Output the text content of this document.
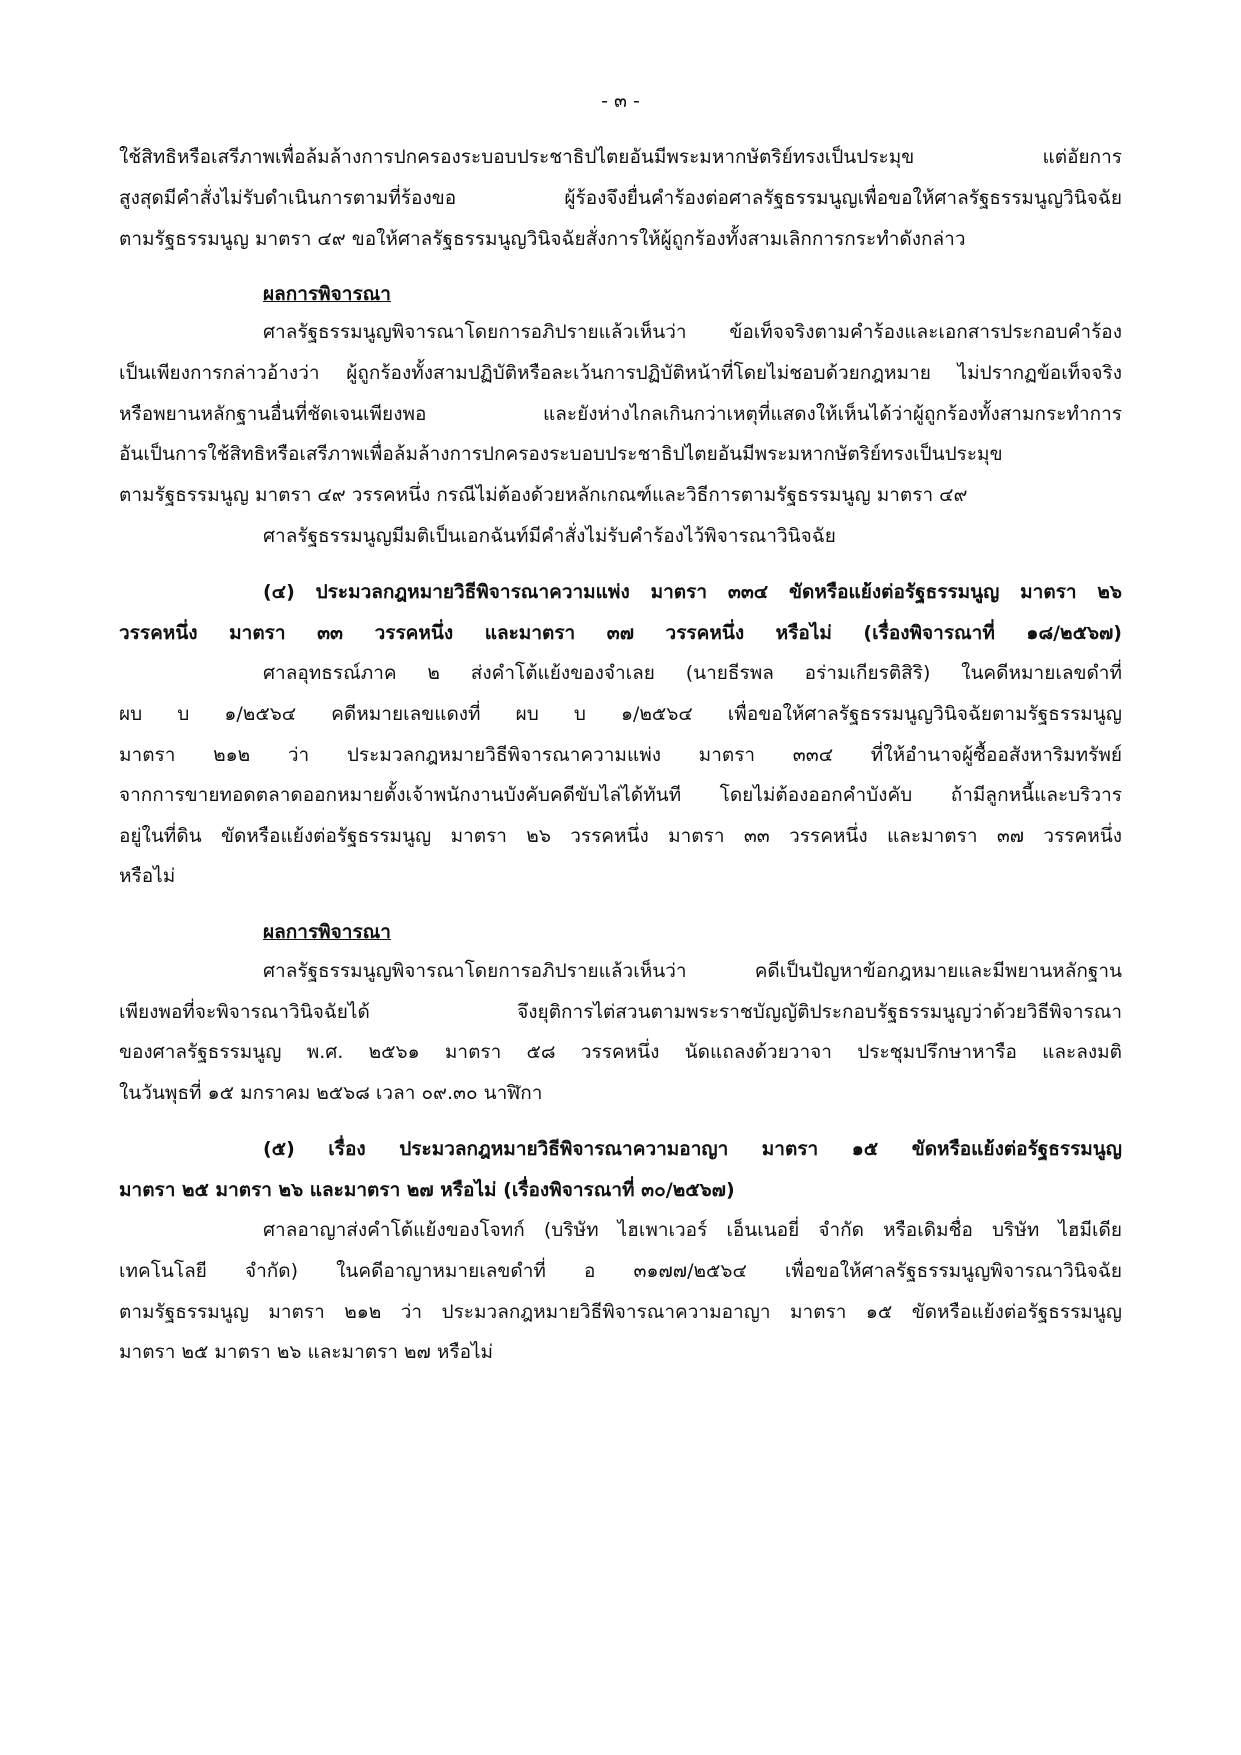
- ๓ -
ใช้สิทธิหรือเสรีภาพเพื่อล้มล้างการปกครองระบอบประชาธิปไตยอันมีพระมหากษัตริย์ทรงเป็นประมุข แต่อัยการ
สูงสุดมีคำสั่งไม่รับดำเนินการตามที่ร้องขอ ผู้ร้องจึงยื่นคำร้องต่อศาลรัฐธรรมนูญเพื่อขอให้ศาลรัฐธรรมนูญวินิจฉัย
ตามรัฐธรรมนูญ มาตรา ๔๙ ขอให้ศาลรัฐธรรมนูญวินิจฉัยสั่งการให้ผู้ถูกร้องทั้งสามเลิกการกระทำดังกล่าว
ผลการพิจารณา
ศาลรัฐธรรมนูญพิจารณาโดยการอภิปรายแล้วเห็นว่า ข้อเท็จจริงตามคำร้องและเอกสารประกอบคำร้อง
เป็นเพียงการกล่าวอ้างว่า ผู้ถูกร้องทั้งสามปฏิบัติหรือละเว้นการปฏิบัติหน้าที่โดยไม่ชอบด้วยกฎหมาย ไม่ปรากฏข้อเท็จจริง
หรือพยานหลักฐานอื่นที่ชัดเจนเพียงพอ และยังห่างไกลเกินกว่าเหตุที่แสดงให้เห็นได้ว่าผู้ถูกร้องทั้งสามกระทำการ
อันเป็นการใช้สิทธิหรือเสรีภาพเพื่อล้มล้างการปกครองระบอบประชาธิปไตยอันมีพระมหากษัตริย์ทรงเป็นประมุข
ตามรัฐธรรมนูญ มาตรา ๔๙ วรรคหนึ่ง กรณีไม่ต้องด้วยหลักเกณฑ์และวิธีการตามรัฐธรรมนูญ มาตรา ๔๙
ศาลรัฐธรรมนูญมีมติเป็นเอกฉันท์มีคำสั่งไม่รับคำร้องไว้พิจารณาวินิจฉัย
(๔) ประมวลกฎหมายวิธีพิจารณาความแพ่ง มาตรา ๓๓๔ ขัดหรือแย้งต่อรัฐธรรมนูญ มาตรา ๒๖
วรรคหนึ่ง มาตรา ๓๓ วรรคหนึ่ง และมาตรา ๓๗ วรรคหนึ่ง หรือไม่ (เรื่องพิจารณาที่ ๑๘/๒๕๖๗)
ศาลอุทธรณ์ภาค ๒ ส่งคำโต้แย้งของจำเลย (นายธีรพล อร่ามเกียรติสิริ) ในคดีหมายเลขดำที่
ผบ บ ๑/๒๕๖๔ คดีหมายเลขแดงที่ ผบ บ ๑/๒๕๖๔ เพื่อขอให้ศาลรัฐธรรมนูญวินิจฉัยตามรัฐธรรมนูญ
มาตรา ๒๑๒ ว่า ประมวลกฎหมายวิธีพิจารณาความแพ่ง มาตรา ๓๓๔ ที่ให้อำนาจผู้ซื้ออสังหาริมทรัพย์
จากการขายทอดตลาดออกหมายตั้งเจ้าพนักงานบังคับคดีขับไล่ได้ทันที โดยไม่ต้องออกคำบังคับ ถ้ามีลูกหนี้และบริวาร
อยู่ในที่ดิน ขัดหรือแย้งต่อรัฐธรรมนูญ มาตรา ๒๖ วรรคหนึ่ง มาตรา ๓๓ วรรคหนึ่ง และมาตรา ๓๗ วรรคหนึ่ง
หรือไม่
ผลการพิจารณา
ศาลรัฐธรรมนูญพิจารณาโดยการอภิปรายแล้วเห็นว่า คดีเป็นปัญหาข้อกฎหมายและมีพยานหลักฐาน
เพียงพอที่จะพิจารณาวินิจฉัยได้ จึงยุติการไต่สวนตามพระราชบัญญัติประกอบรัฐธรรมนูญว่าด้วยวิธีพิจารณา
ของศาลรัฐธรรมนูญ พ.ศ. ๒๕๖๑ มาตรา ๕๘ วรรคหนึ่ง นัดแถลงด้วยวาจา ประชุมปรึกษาหารือ และลงมติ
ในวันพุธที่ ๑๕ มกราคม ๒๕๖๘ เวลา ๐๙.๓๐ นาฬิกา
(๕) เรื่อง ประมวลกฎหมายวิธีพิจารณาความอาญา มาตรา ๑๕ ขัดหรือแย้งต่อรัฐธรรมนูญ
มาตรา ๒๕ มาตรา ๒๖ และมาตรา ๒๗ หรือไม่ (เรื่องพิจารณาที่ ๓๐/๒๕๖๗)
ศาลอาญาส่งคำโต้แย้งของโจทก์ (บริษัท ไฮเพาเวอร์ เอ็นเนอยี่ จำกัด หรือเดิมชื่อ บริษัท ไฮมีเดีย
เทคโนโลยี จำกัด) ในคดีอาญาหมายเลขดำที่ อ ๓๑๗๗/๒๕๖๔ เพื่อขอให้ศาลรัฐธรรมนูญพิจารณาวินิจฉัย
ตามรัฐธรรมนูญ มาตรา ๒๑๒ ว่า ประมวลกฎหมายวิธีพิจารณาความอาญา มาตรา ๑๕ ขัดหรือแย้งต่อรัฐธรรมนูญ
มาตรา ๒๕ มาตรา ๒๖ และมาตรา ๒๗ หรือไม่
